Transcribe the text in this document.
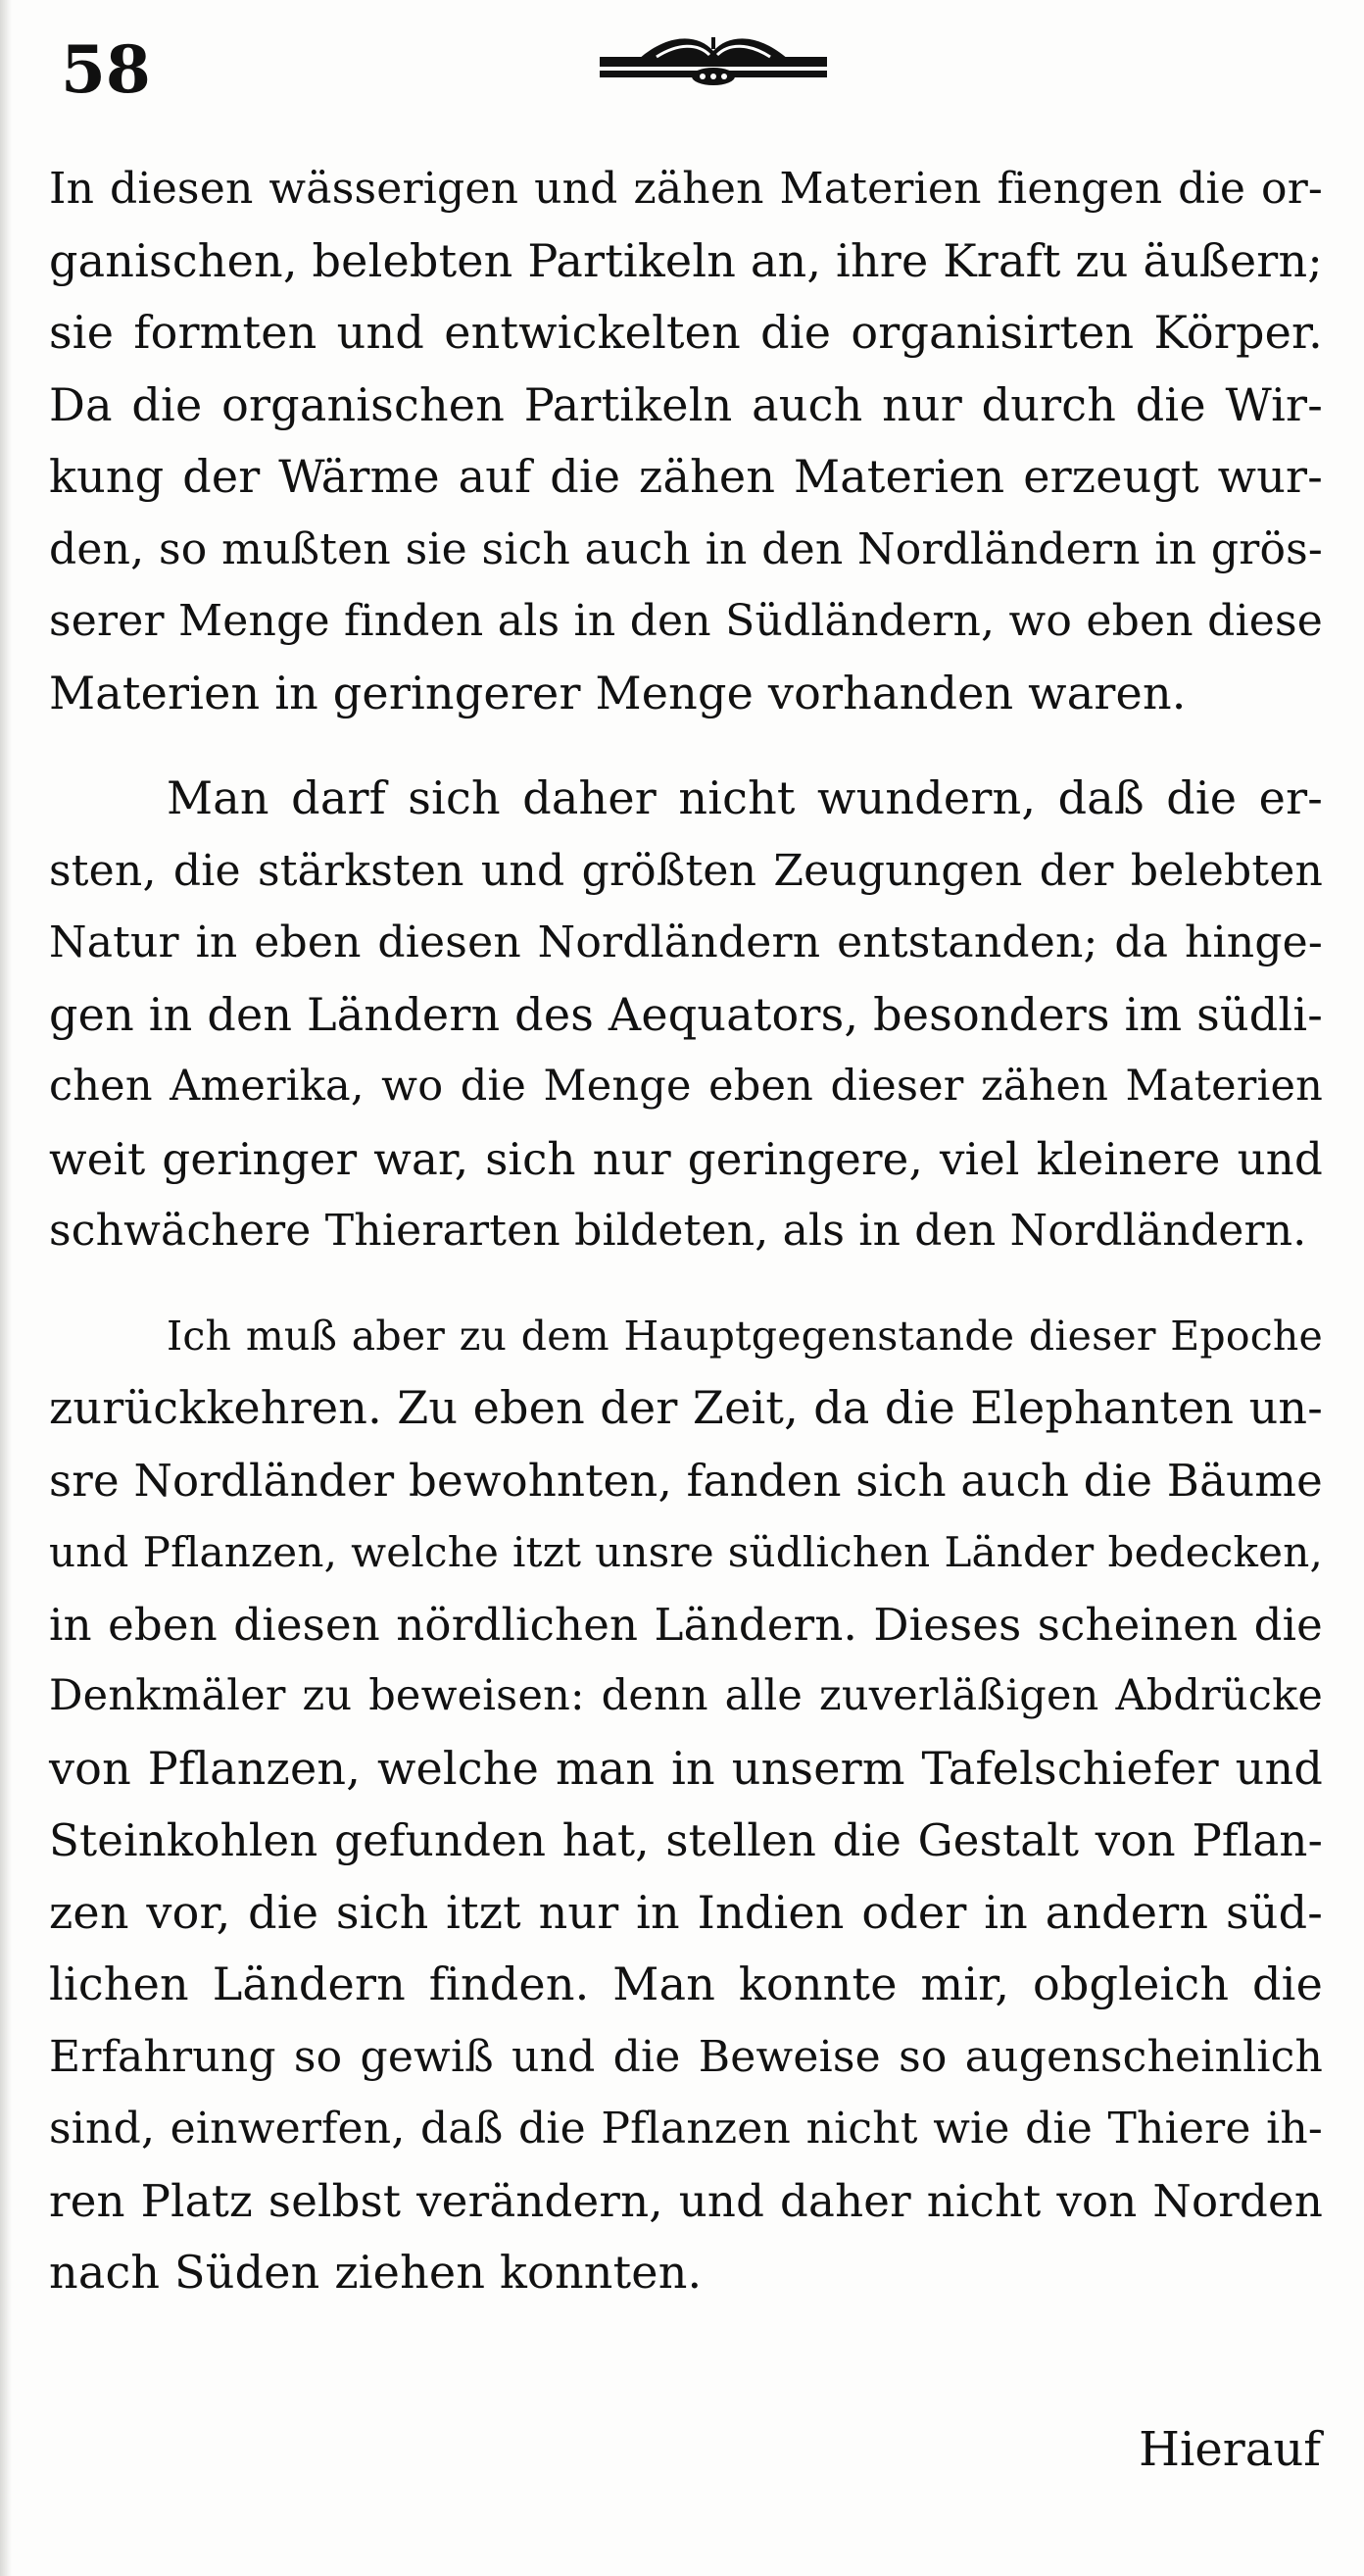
58

In diesen wässerigen und zähen Materien fiengen die or-
ganischen, belebten Partikeln an, ihre Kraft zu äußern;
sie formten und entwickelten die organisirten Körper.
Da die organischen Partikeln auch nur durch die Wir-
kung der Wärme auf die zähen Materien erzeugt wur-
den, so mußten sie sich auch in den Nordländern in grös-
serer Menge finden als in den Südländern, wo eben diese
Materien in geringerer Menge vorhanden waren.

Man darf sich daher nicht wundern, daß die er-
sten, die stärksten und größten Zeugungen der belebten
Natur in eben diesen Nordländern entstanden; da hinge-
gen in den Ländern des Aequators, besonders im südli-
chen Amerika, wo die Menge eben dieser zähen Materien
weit geringer war, sich nur geringere, viel kleinere und
schwächere Thierarten bildeten, als in den Nordländern.

Ich muß aber zu dem Hauptgegenstande dieser Epoche
zurückkehren. Zu eben der Zeit, da die Elephanten un-
sre Nordländer bewohnten, fanden sich auch die Bäume
und Pflanzen, welche itzt unsre südlichen Länder bedecken,
in eben diesen nördlichen Ländern. Dieses scheinen die
Denkmäler zu beweisen: denn alle zuverläßigen Abdrücke
von Pflanzen, welche man in unserm Tafelschiefer und
Steinkohlen gefunden hat, stellen die Gestalt von Pflan-
zen vor, die sich itzt nur in Indien oder in andern süd-
lichen Ländern finden. Man konnte mir, obgleich die
Erfahrung so gewiß und die Beweise so augenscheinlich
sind, einwerfen, daß die Pflanzen nicht wie die Thiere ih-
ren Platz selbst verändern, und daher nicht von Norden
nach Süden ziehen konnten.

Hierauf
